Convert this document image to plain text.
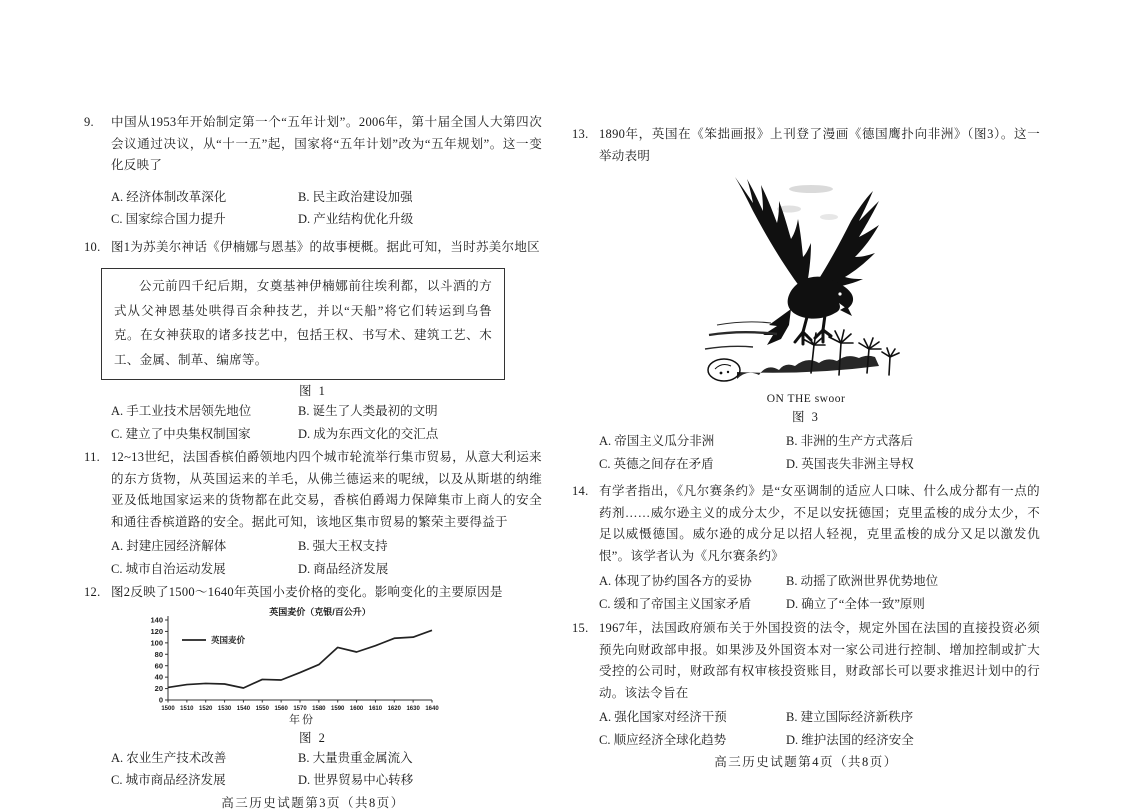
9.	中国从1953年开始制定第一个“五年计划”。2006年，第十届全国人大第四次会议通过决议，从“十一五”起，国家将“五年计划”改为“五年规划”。这一变化反映了
A. 经济体制改革深化	B. 民主政治建设加强
C. 国家综合国力提升	D. 产业结构优化升级
10. 图1为苏美尔神话《伊楠娜与恩基》的故事梗概。据此可知，当时苏美尔地区

公元前四千纪后期，女奠基神伊楠娜前往埃利都，以斗酒的方式从父神恩基处哄得百余种技艺，并以“天船”将它们转运到乌鲁克。在女神获取的诸多技艺中，包括王权、书写术、建筑工艺、木工、金属、制革、编席等。

图 1
A. 手工业技术居领先地位	B. 诞生了人类最初的文明
C. 建立了中央集权制国家	D. 成为东西文化的交汇点
11. 12~13世纪，法国香槟伯爵领地内四个城市轮流举行集市贸易，从意大利运来的东方货物，从英国运来的羊毛，从佛兰德运来的呢绒，以及从斯堪的纳维亚及低地国家运来的货物都在此交易，香槟伯爵竭力保障集市上商人的安全和通往香槟道路的安全。据此可知，该地区集市贸易的繁荣主要得益于
A. 封建庄园经济解体	B. 强大王权支持
C. 城市自治运动发展	D. 商品经济发展
12. 图2反映了1500～1640年英国小麦价格的变化。影响变化的主要原因是
英国麦价（克银/百公升）
0
20
40
60
80
100
120
140
1500 1510 1520 1530 1540 1550 1560 1570 1580 1590 1600 1610 1620 1630 1640
英国麦价
年份
图 2
A. 农业生产技术改善	B. 大量贵重金属流入
C. 城市商品经济发展	D. 世界贸易中心转移
高三历史试题第3页（共8页）
13. 1890年，英国在《笨拙画报》上刊登了漫画《德国鹰扑向非洲》（图3）。这一举动表明
ON THE swoor
图 3
A. 帝国主义瓜分非洲	B. 非洲的生产方式落后
C. 英德之间存在矛盾	D. 英国丧失非洲主导权
14. 有学者指出，《凡尔赛条约》是“女巫调制的适应人口味、什么成分都有一点的药剂……威尔逊主义的成分太少，不足以安抚德国；克里孟梭的成分太少，不足以威慑德国。威尔逊的成分足以招人轻视，克里孟梭的成分又足以激发仇恨”。该学者认为《凡尔赛条约》
A. 体现了协约国各方的妥协	B. 动摇了欧洲世界优势地位
C. 缓和了帝国主义国家矛盾	D. 确立了“全体一致”原则
15. 1967年，法国政府颁布关于外国投资的法令，规定外国在法国的直接投资必须预先向财政部申报。如果涉及外国资本对一家公司进行控制、增加控制或扩大受控的公司时，财政部有权审核投资账目，财政部长可以要求推迟计划中的行动。该法令旨在
A. 强化国家对经济干预	B. 建立国际经济新秩序
C. 顺应经济全球化趋势	D. 维护法国的经济安全
高三历史试题第4页（共8页）
